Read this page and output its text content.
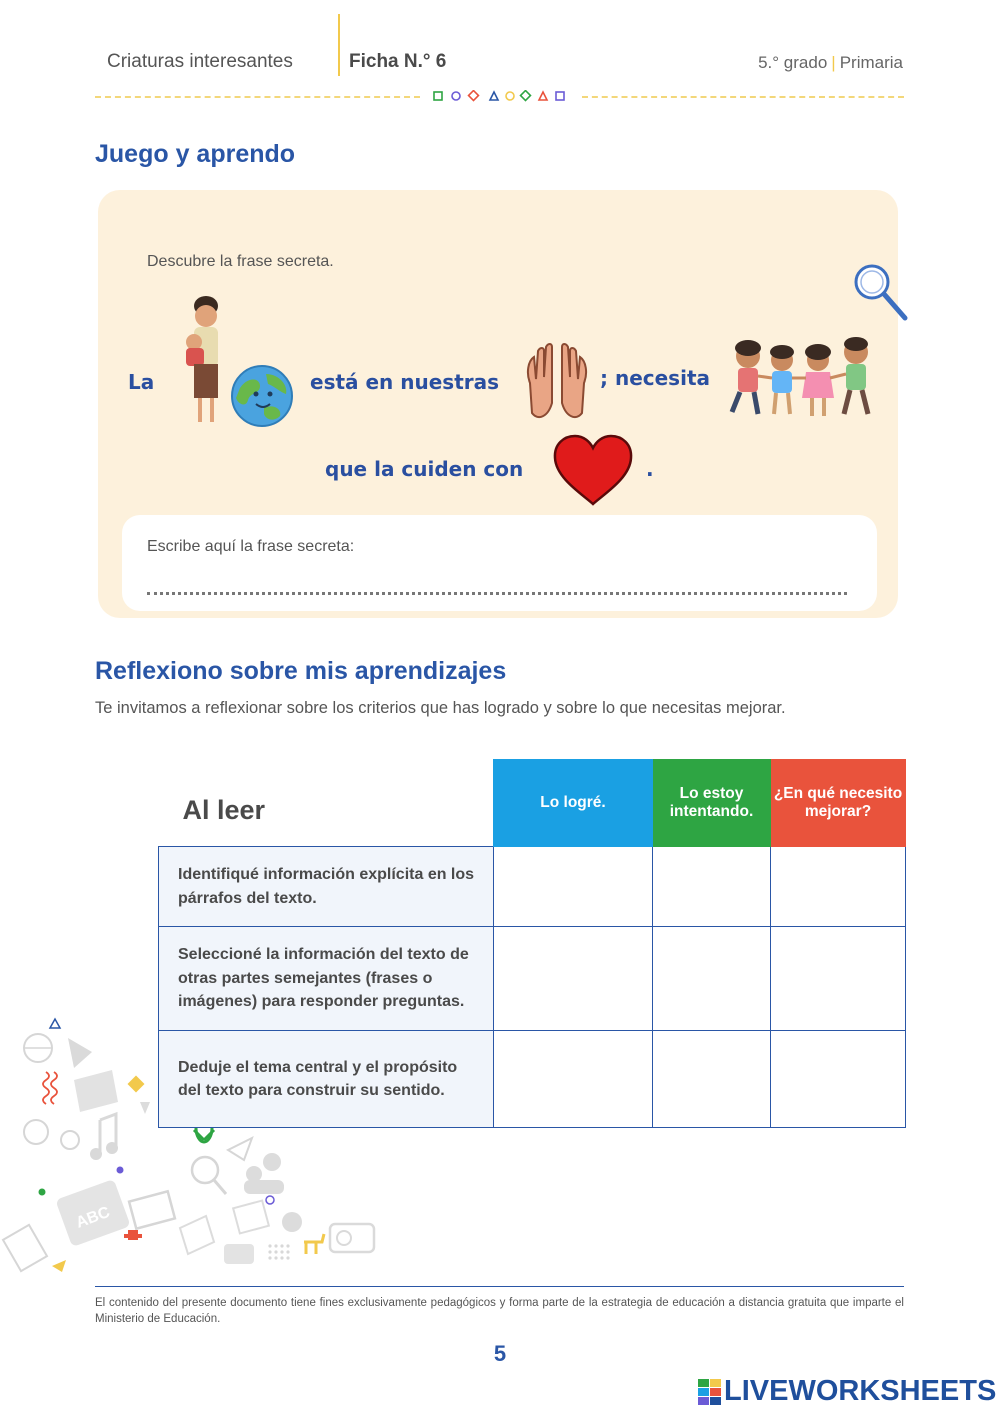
Criaturas interesantes	Ficha N.° 6	5.° grado | Primaria
Juego y aprendo
Descubre la frase secreta.
La	está en nuestras	; necesita
que la cuiden con	.
Escribe aquí la frase secreta:
Reflexiono sobre mis aprendizajes

Te invitamos a reflexionar sobre los criterios que has logrado y sobre lo que necesitas mejorar.

Al leer	Lo logré.	Lo estoy intentando.	¿En qué necesito mejorar?
Identifiqué información explícita en los párrafos del texto.			
Seleccioné la información del texto de otras partes semejantes (frases o imágenes) para responder preguntas.			
Deduje el tema central y el propósito del texto para construir su sentido.			
ABC

El contenido del presente documento tiene fines exclusivamente pedagógicos y forma parte de la estrategia de educación a distancia gratuita que imparte el Ministerio de Educación.

5
LIVEWORKSHEETS
